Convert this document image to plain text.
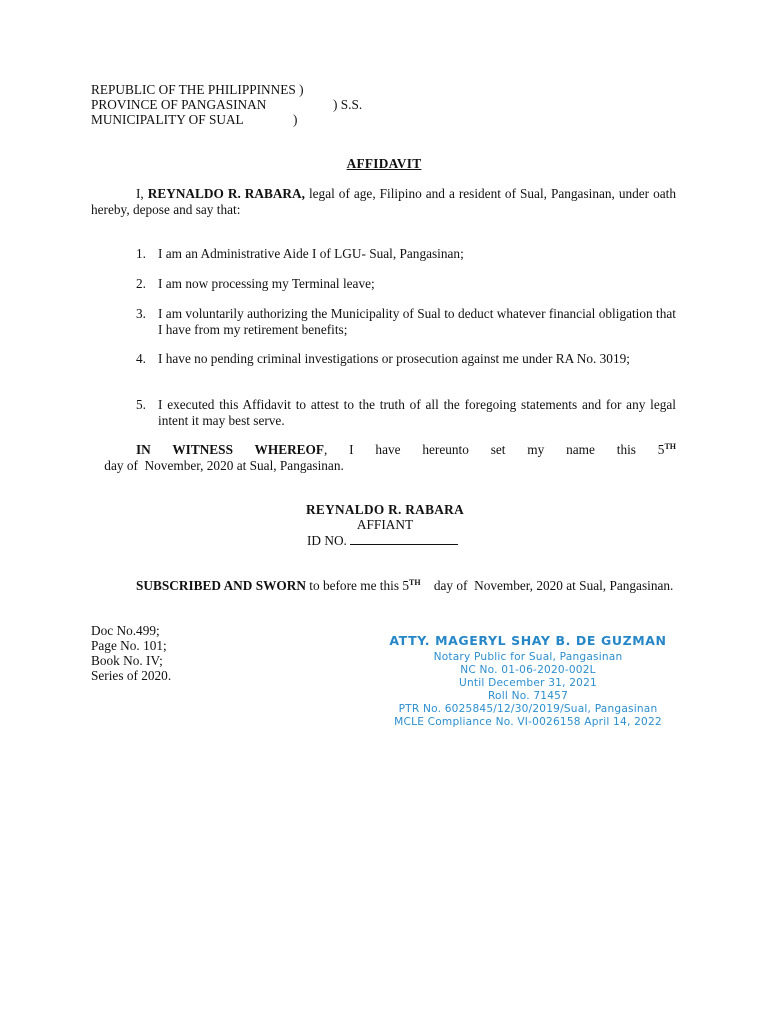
REPUBLIC OF THE PHILIPPINNES )
PROVINCE OF PANGASINAN	) S.S.
MUNICIPALITY OF SUAL	)
AFFIDAVIT
I, REYNALDO R. RABARA, legal of age, Filipino and a resident of Sual, Pangasinan, under oath hereby, depose and say that:
1. I am an Administrative Aide I of LGU- Sual, Pangasinan;
2. I am now processing my Terminal leave;
3. I am voluntarily authorizing the Municipality of Sual to deduct whatever financial obligation that I have from my retirement benefits;
4. I have no pending criminal investigations or prosecution against me under RA No. 3019;
5. I executed this Affidavit to attest to the truth of all the foregoing statements and for any legal intent it may best serve.
IN WITNESS WHEREOF, I have hereunto set my name this 5TH    day of  November, 2020 at Sual, Pangasinan.
REYNALDO R. RABARA
AFFIANT
ID NO.
SUBSCRIBED AND SWORN to before me this 5TH    day of  November, 2020 at Sual, Pangasinan.
Doc No.499;
Page No. 101;
Book No. IV;
Series of 2020.
ATTY. MAGERYL SHAY B. DE GUZMAN
Notary Public for Sual, Pangasinan
NC No. 01-06-2020-002L
Until December 31, 2021
Roll No. 71457
PTR No. 6025845/12/30/2019/Sual, Pangasinan
MCLE Compliance No. VI-0026158 April 14, 2022
